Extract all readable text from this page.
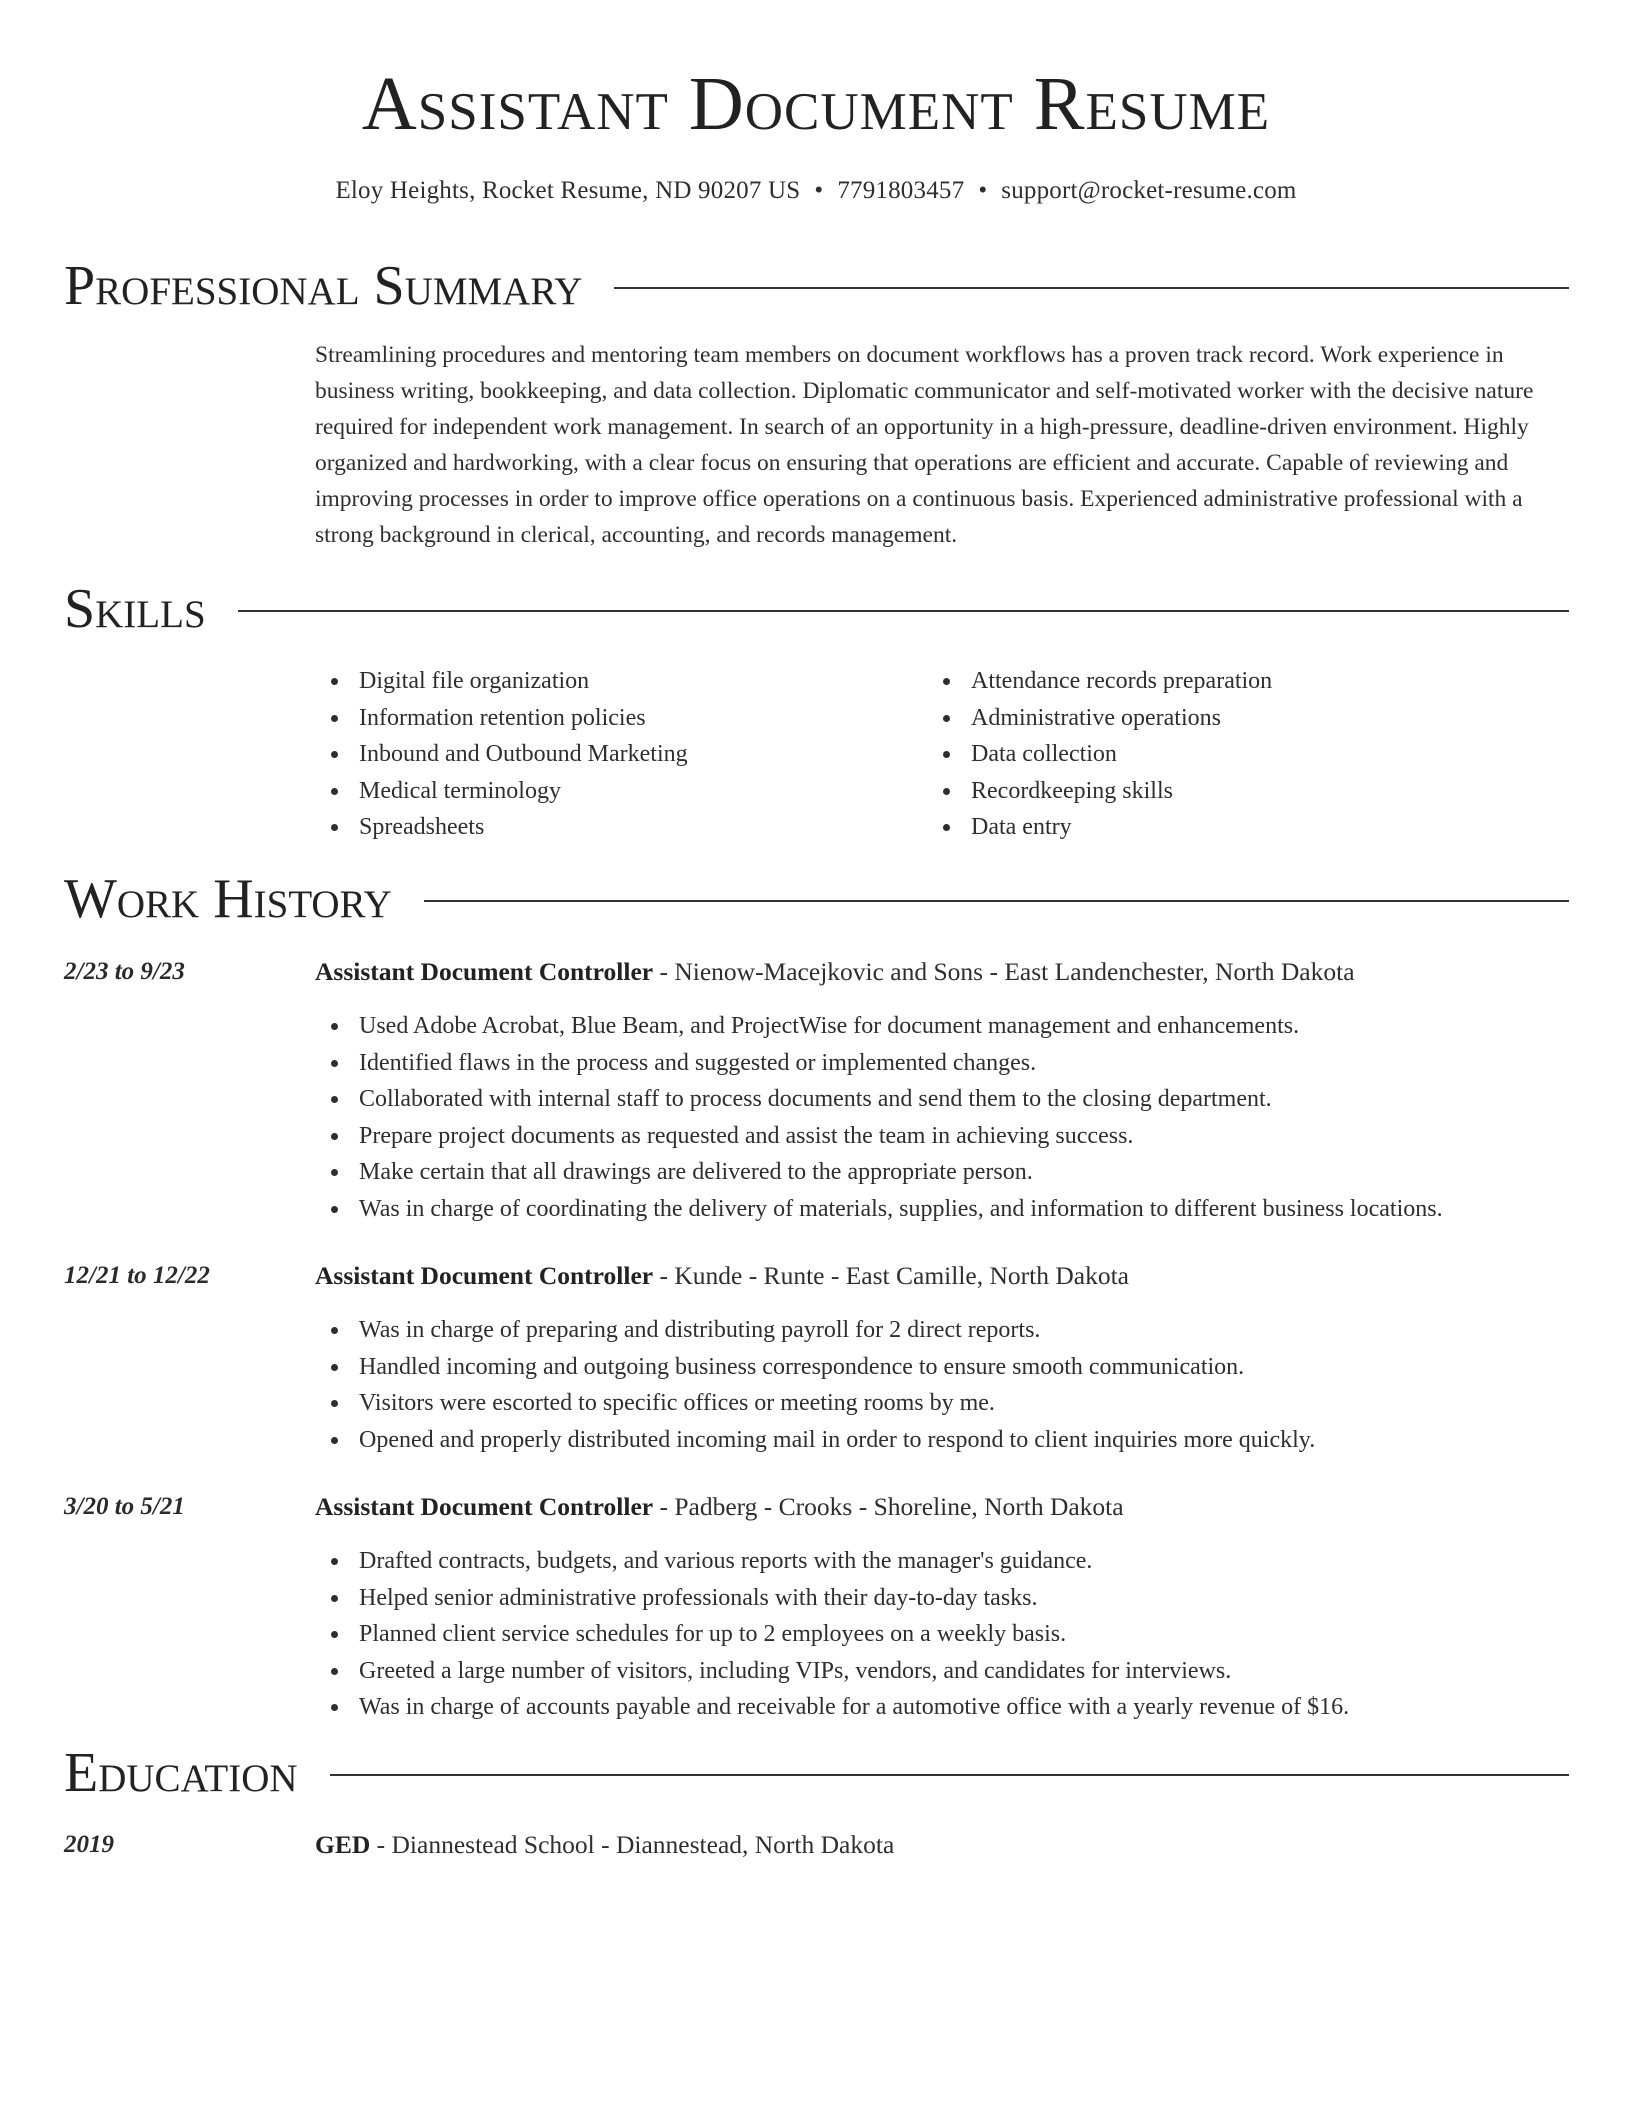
Assistant Document Resume
Eloy Heights, Rocket Resume, ND 90207 US • 7791803457 • support@rocket-resume.com
Professional Summary
Streamlining procedures and mentoring team members on document workflows has a proven track record. Work experience in business writing, bookkeeping, and data collection. Diplomatic communicator and self-motivated worker with the decisive nature required for independent work management. In search of an opportunity in a high-pressure, deadline-driven environment. Highly organized and hardworking, with a clear focus on ensuring that operations are efficient and accurate. Capable of reviewing and improving processes in order to improve office operations on a continuous basis. Experienced administrative professional with a strong background in clerical, accounting, and records management.
Skills
Digital file organization
Information retention policies
Inbound and Outbound Marketing
Medical terminology
Spreadsheets
Attendance records preparation
Administrative operations
Data collection
Recordkeeping skills
Data entry
Work History
2/23 to 9/23	Assistant Document Controller - Nienow-Macejkovic and Sons - East Landenchester, North Dakota
Used Adobe Acrobat, Blue Beam, and ProjectWise for document management and enhancements.
Identified flaws in the process and suggested or implemented changes.
Collaborated with internal staff to process documents and send them to the closing department.
Prepare project documents as requested and assist the team in achieving success.
Make certain that all drawings are delivered to the appropriate person.
Was in charge of coordinating the delivery of materials, supplies, and information to different business locations.
12/21 to 12/22	Assistant Document Controller - Kunde - Runte - East Camille, North Dakota
Was in charge of preparing and distributing payroll for 2 direct reports.
Handled incoming and outgoing business correspondence to ensure smooth communication.
Visitors were escorted to specific offices or meeting rooms by me.
Opened and properly distributed incoming mail in order to respond to client inquiries more quickly.
3/20 to 5/21	Assistant Document Controller - Padberg - Crooks - Shoreline, North Dakota
Drafted contracts, budgets, and various reports with the manager's guidance.
Helped senior administrative professionals with their day-to-day tasks.
Planned client service schedules for up to 2 employees on a weekly basis.
Greeted a large number of visitors, including VIPs, vendors, and candidates for interviews.
Was in charge of accounts payable and receivable for a automotive office with a yearly revenue of $16.
Education
2019	GED - Diannestead School - Diannestead, North Dakota
